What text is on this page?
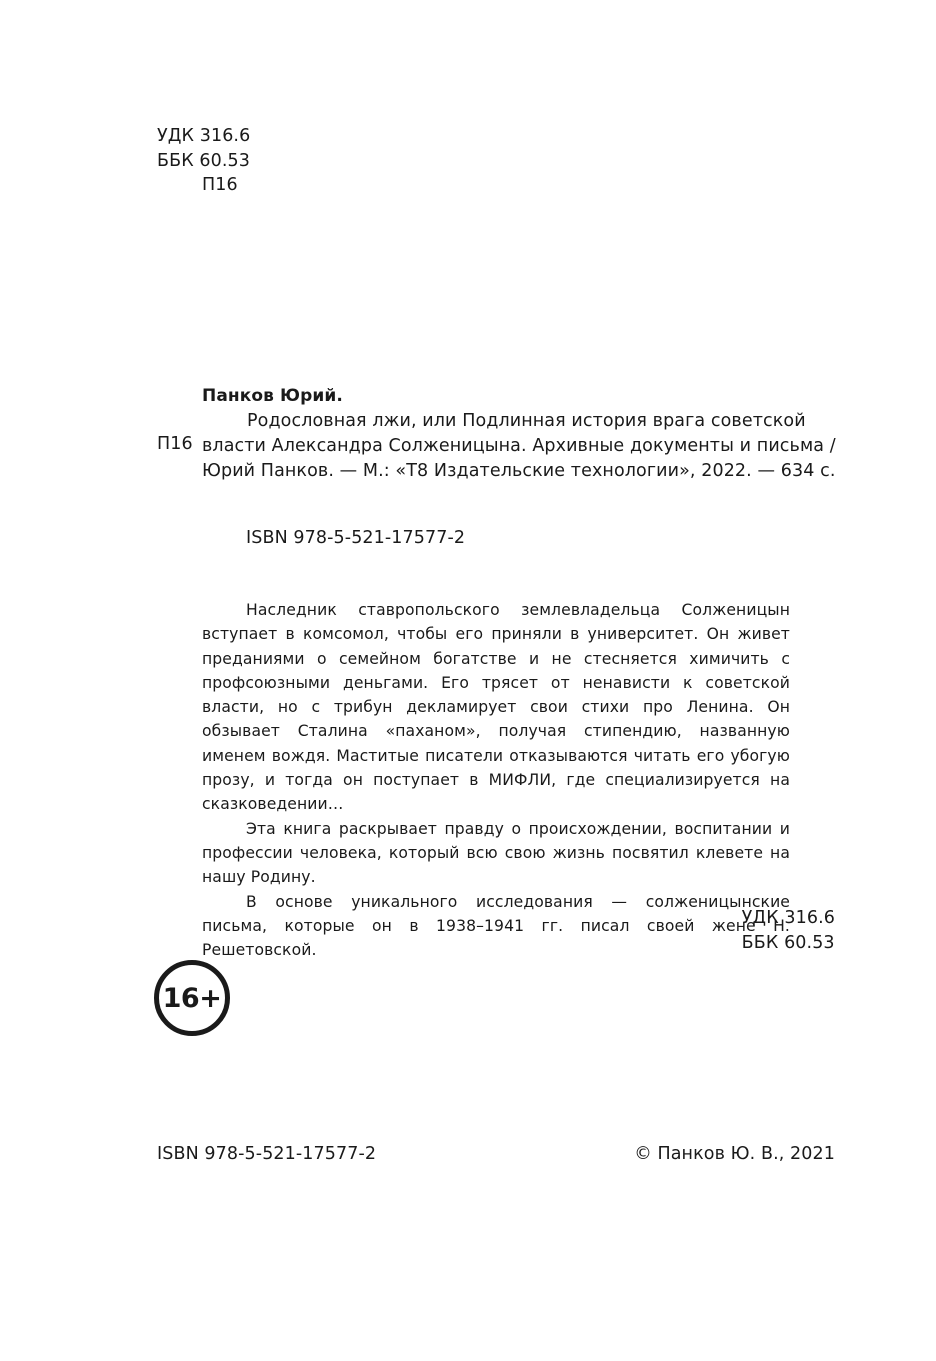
УДК 316.6
ББК 60.53
П16
Панков Юрий.
П16
Родословная лжи, или Подлинная история врага советской
власти Александра Солженицына. Архивные документы и письма /
Юрий Панков. — М.: «Т8 Издательские технологии», 2022. — 634 с.
ISBN 978-5-521-17577-2

Наследник ставропольского землевладельца Солженицын вступает в комсомол, чтобы его приняли в университет. Он живет преданиями о семейном богатстве и не стесняется химичить с профсоюзными деньгами. Его трясет от ненависти к советской власти, но с трибун декламирует свои стихи про Ленина. Он обзывает Сталина «паханом», получая стипендию, названную именем вождя. Маститые писатели отказываются читать его убогую прозу, и тогда он поступает в МИФЛИ, где специализируется на сказковедении…

Эта книга раскрывает правду о происхождении, воспитании и профессии человека, который всю свою жизнь посвятил клевете на нашу Родину.

В основе уникального исследования — солженицынские письма, которые он в 1938–1941 гг. писал своей жене Н. Решетовской.

УДК 316.6
ББК 60.53
16+
ISBN 978-5-521-17577-2	© Панков Ю. В., 2021
